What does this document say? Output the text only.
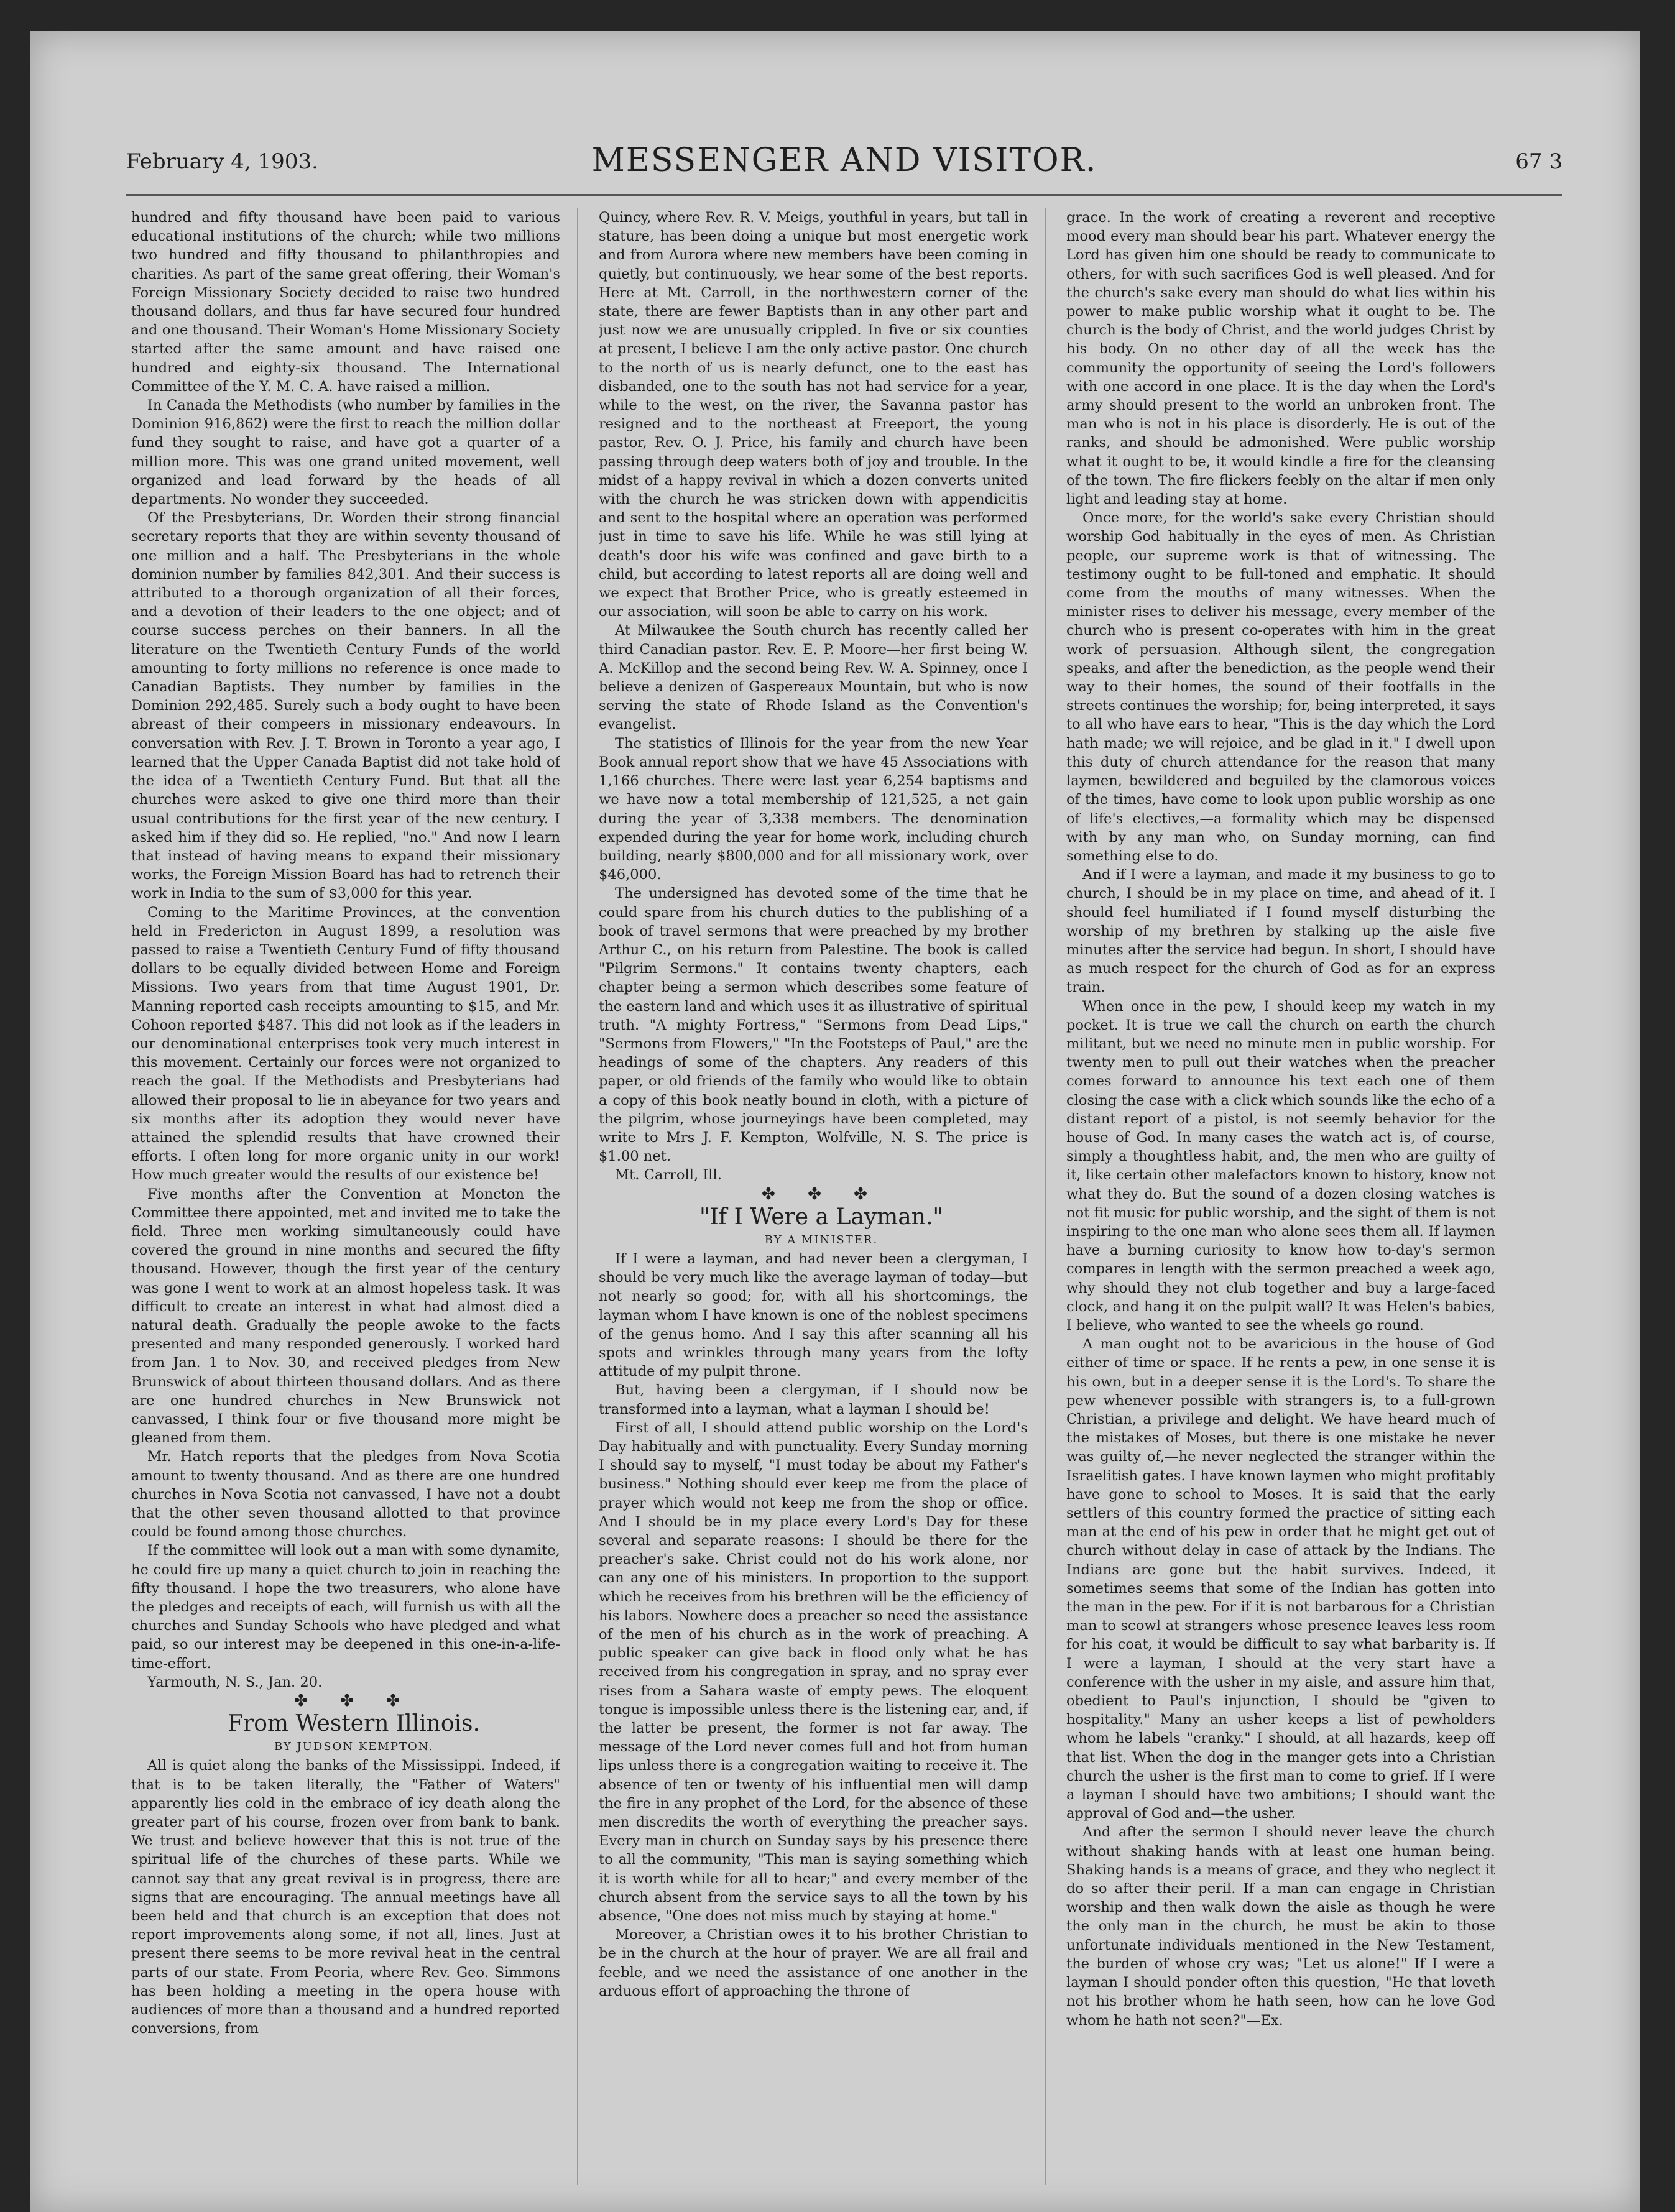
February 4, 1903.	MESSENGER AND VISITOR.	67 3

hundred and fifty thousand have been paid to various educational institutions of the church; while two millions two hundred and fifty thousand to philanthropies and charities. As part of the same great offering, their Woman's Foreign Missionary Society decided to raise two hundred thousand dollars, and thus far have secured four hundred and one thousand. Their Woman's Home Missionary Society started after the same amount and have raised one hundred and eighty-six thousand. The International Committee of the Y. M. C. A. have raised a million.

In Canada the Methodists (who number by families in the Dominion 916,862) were the first to reach the million dollar fund they sought to raise, and have got a quarter of a million more. This was one grand united movement, well organized and lead forward by the heads of all departments. No wonder they succeeded.

Of the Presbyterians, Dr. Worden their strong financial secretary reports that they are within seventy thousand of one million and a half. The Presbyterians in the whole dominion number by families 842,301. And their success is attributed to a thorough organization of all their forces, and a devotion of their leaders to the one object; and of course success perches on their banners. In all the literature on the Twentieth Century Funds of the world amounting to forty millions no reference is once made to Canadian Baptists. They number by families in the Dominion 292,485. Surely such a body ought to have been abreast of their compeers in missionary endeavours. In conversation with Rev. J. T. Brown in Toronto a year ago, I learned that the Upper Canada Baptist did not take hold of the idea of a Twentieth Century Fund. But that all the churches were asked to give one third more than their usual contributions for the first year of the new century. I asked him if they did so. He replied, "no." And now I learn that instead of having means to expand their missionary works, the Foreign Mission Board has had to retrench their work in India to the sum of $3,000 for this year.

Coming to the Maritime Provinces, at the convention held in Fredericton in August 1899, a resolution was passed to raise a Twentieth Century Fund of fifty thousand dollars to be equally divided between Home and Foreign Missions. Two years from that time August 1901, Dr. Manning reported cash receipts amounting to $15, and Mr. Cohoon reported $487. This did not look as if the leaders in our denominational enterprises took very much interest in this movement. Certainly our forces were not organized to reach the goal. If the Methodists and Presbyterians had allowed their proposal to lie in abeyance for two years and six months after its adoption they would never have attained the splendid results that have crowned their efforts. I often long for more organic unity in our work! How much greater would the results of our existence be!

Five months after the Convention at Moncton the Committee there appointed, met and invited me to take the field. Three men working simultaneously could have covered the ground in nine months and secured the fifty thousand. However, though the first year of the century was gone I went to work at an almost hopeless task. It was difficult to create an interest in what had almost died a natural death. Gradually the people awoke to the facts presented and many responded generously. I worked hard from Jan. 1 to Nov. 30, and received pledges from New Brunswick of about thirteen thousand dollars. And as there are one hundred churches in New Brunswick not canvassed, I think four or five thousand more might be gleaned from them.

Mr. Hatch reports that the pledges from Nova Scotia amount to twenty thousand. And as there are one hundred churches in Nova Scotia not canvassed, I have not a doubt that the other seven thousand allotted to that province could be found among those churches.

If the committee will look out a man with some dynamite, he could fire up many a quiet church to join in reaching the fifty thousand. I hope the two treasurers, who alone have the pledges and receipts of each, will furnish us with all the churches and Sunday Schools who have pledged and what paid, so our interest may be deepened in this one-in-a-life-time-effort.

Yarmouth, N. S., Jan. 20.

✤ ✤ ✤

From Western Illinois.

BY JUDSON KEMPTON.

All is quiet along the banks of the Mississippi. Indeed, if that is to be taken literally, the "Father of Waters" apparently lies cold in the embrace of icy death along the greater part of his course, frozen over from bank to bank. We trust and believe however that this is not true of the spiritual life of the churches of these parts. While we cannot say that any great revival is in progress, there are signs that are encouraging. The annual meetings have all been held and that church is an exception that does not report improvements along some, if not all, lines. Just at present there seems to be more revival heat in the central parts of our state. From Peoria, where Rev. Geo. Simmons has been holding a meeting in the opera house with audiences of more than a thousand and a hundred reported conversions, from

Quincy, where Rev. R. V. Meigs, youthful in years, but tall in stature, has been doing a unique but most energetic work and from Aurora where new members have been coming in quietly, but continuously, we hear some of the best reports. Here at Mt. Carroll, in the northwestern corner of the state, there are fewer Baptists than in any other part and just now we are unusually crippled. In five or six counties at present, I believe I am the only active pastor. One church to the north of us is nearly defunct, one to the east has disbanded, one to the south has not had service for a year, while to the west, on the river, the Savanna pastor has resigned and to the northeast at Freeport, the young pastor, Rev. O. J. Price, his family and church have been passing through deep waters both of joy and trouble. In the midst of a happy revival in which a dozen converts united with the church he was stricken down with appendicitis and sent to the hospital where an operation was performed just in time to save his life. While he was still lying at death's door his wife was confined and gave birth to a child, but according to latest reports all are doing well and we expect that Brother Price, who is greatly esteemed in our association, will soon be able to carry on his work.

At Milwaukee the South church has recently called her third Canadian pastor. Rev. E. P. Moore—her first being W. A. McKillop and the second being Rev. W. A. Spinney, once I believe a denizen of Gaspereaux Mountain, but who is now serving the state of Rhode Island as the Convention's evangelist.

The statistics of Illinois for the year from the new Year Book annual report show that we have 45 Associations with 1,166 churches. There were last year 6,254 baptisms and we have now a total membership of 121,525, a net gain during the year of 3,338 members. The denomination expended during the year for home work, including church building, nearly $800,000 and for all missionary work, over $46,000.

The undersigned has devoted some of the time that he could spare from his church duties to the publishing of a book of travel sermons that were preached by my brother Arthur C., on his return from Palestine. The book is called "Pilgrim Sermons." It contains twenty chapters, each chapter being a sermon which describes some feature of the eastern land and which uses it as illustrative of spiritual truth. "A mighty Fortress," "Sermons from Dead Lips," "Sermons from Flowers," "In the Footsteps of Paul," are the headings of some of the chapters. Any readers of this paper, or old friends of the family who would like to obtain a copy of this book neatly bound in cloth, with a picture of the pilgrim, whose journeyings have been completed, may write to Mrs J. F. Kempton, Wolfville, N. S. The price is $1.00 net.

Mt. Carroll, Ill.

✤ ✤ ✤

"If I Were a Layman."

BY A MINISTER.

If I were a layman, and had never been a clergyman, I should be very much like the average layman of today—but not nearly so good; for, with all his shortcomings, the layman whom I have known is one of the noblest specimens of the genus homo. And I say this after scanning all his spots and wrinkles through many years from the lofty attitude of my pulpit throne.

But, having been a clergyman, if I should now be transformed into a layman, what a layman I should be!

First of all, I should attend public worship on the Lord's Day habitually and with punctuality. Every Sunday morning I should say to myself, "I must today be about my Father's business." Nothing should ever keep me from the place of prayer which would not keep me from the shop or office. And I should be in my place every Lord's Day for these several and separate reasons: I should be there for the preacher's sake. Christ could not do his work alone, nor can any one of his ministers. In proportion to the support which he receives from his brethren will be the efficiency of his labors. Nowhere does a preacher so need the assistance of the men of his church as in the work of preaching. A public speaker can give back in flood only what he has received from his congregation in spray, and no spray ever rises from a Sahara waste of empty pews. The eloquent tongue is impossible unless there is the listening ear, and, if the latter be present, the former is not far away. The message of the Lord never comes full and hot from human lips unless there is a congregation waiting to receive it. The absence of ten or twenty of his influential men will damp the fire in any prophet of the Lord, for the absence of these men discredits the worth of everything the preacher says. Every man in church on Sunday says by his presence there to all the community, "This man is saying something which it is worth while for all to hear;" and every member of the church absent from the service says to all the town by his absence, "One does not miss much by staying at home."

Moreover, a Christian owes it to his brother Christian to be in the church at the hour of prayer. We are all frail and feeble, and we need the assistance of one another in the arduous effort of approaching the throne of

grace. In the work of creating a reverent and receptive mood every man should bear his part. Whatever energy the Lord has given him one should be ready to communicate to others, for with such sacrifices God is well pleased. And for the church's sake every man should do what lies within his power to make public worship what it ought to be. The church is the body of Christ, and the world judges Christ by his body. On no other day of all the week has the community the opportunity of seeing the Lord's followers with one accord in one place. It is the day when the Lord's army should present to the world an unbroken front. The man who is not in his place is disorderly. He is out of the ranks, and should be admonished. Were public worship what it ought to be, it would kindle a fire for the cleansing of the town. The fire flickers feebly on the altar if men only light and leading stay at home.

Once more, for the world's sake every Christian should worship God habitually in the eyes of men. As Christian people, our supreme work is that of witnessing. The testimony ought to be full-toned and emphatic. It should come from the mouths of many witnesses. When the minister rises to deliver his message, every member of the church who is present co-operates with him in the great work of persuasion. Although silent, the congregation speaks, and after the benediction, as the people wend their way to their homes, the sound of their footfalls in the streets continues the worship; for, being interpreted, it says to all who have ears to hear, "This is the day which the Lord hath made; we will rejoice, and be glad in it." I dwell upon this duty of church attendance for the reason that many laymen, bewildered and beguiled by the clamorous voices of the times, have come to look upon public worship as one of life's electives,—a formality which may be dispensed with by any man who, on Sunday morning, can find something else to do.

And if I were a layman, and made it my business to go to church, I should be in my place on time, and ahead of it. I should feel humiliated if I found myself disturbing the worship of my brethren by stalking up the aisle five minutes after the service had begun. In short, I should have as much respect for the church of God as for an express train.

When once in the pew, I should keep my watch in my pocket. It is true we call the church on earth the church militant, but we need no minute men in public worship. For twenty men to pull out their watches when the preacher comes forward to announce his text each one of them closing the case with a click which sounds like the echo of a distant report of a pistol, is not seemly behavior for the house of God. In many cases the watch act is, of course, simply a thoughtless habit, and, the men who are guilty of it, like certain other malefactors known to history, know not what they do. But the sound of a dozen closing watches is not fit music for public worship, and the sight of them is not inspiring to the one man who alone sees them all. If laymen have a burning curiosity to know how to-day's sermon compares in length with the sermon preached a week ago, why should they not club together and buy a large-faced clock, and hang it on the pulpit wall? It was Helen's babies, I believe, who wanted to see the wheels go round.

A man ought not to be avaricious in the house of God either of time or space. If he rents a pew, in one sense it is his own, but in a deeper sense it is the Lord's. To share the pew whenever possible with strangers is, to a full-grown Christian, a privilege and delight. We have heard much of the mistakes of Moses, but there is one mistake he never was guilty of,—he never neglected the stranger within the Israelitish gates. I have known laymen who might profitably have gone to school to Moses. It is said that the early settlers of this country formed the practice of sitting each man at the end of his pew in order that he might get out of church without delay in case of attack by the Indians. The Indians are gone but the habit survives. Indeed, it sometimes seems that some of the Indian has gotten into the man in the pew. For if it is not barbarous for a Christian man to scowl at strangers whose presence leaves less room for his coat, it would be difficult to say what barbarity is. If I were a layman, I should at the very start have a conference with the usher in my aisle, and assure him that, obedient to Paul's injunction, I should be "given to hospitality." Many an usher keeps a list of pewholders whom he labels "cranky." I should, at all hazards, keep off that list. When the dog in the manger gets into a Christian church the usher is the first man to come to grief. If I were a layman I should have two ambitions; I should want the approval of God and—the usher.

And after the sermon I should never leave the church without shaking hands with at least one human being. Shaking hands is a means of grace, and they who neglect it do so after their peril. If a man can engage in Christian worship and then walk down the aisle as though he were the only man in the church, he must be akin to those unfortunate individuals mentioned in the New Testament, the burden of whose cry was; "Let us alone!" If I were a layman I should ponder often this question, "He that loveth not his brother whom he hath seen, how can he love God whom he hath not seen?"—Ex.
